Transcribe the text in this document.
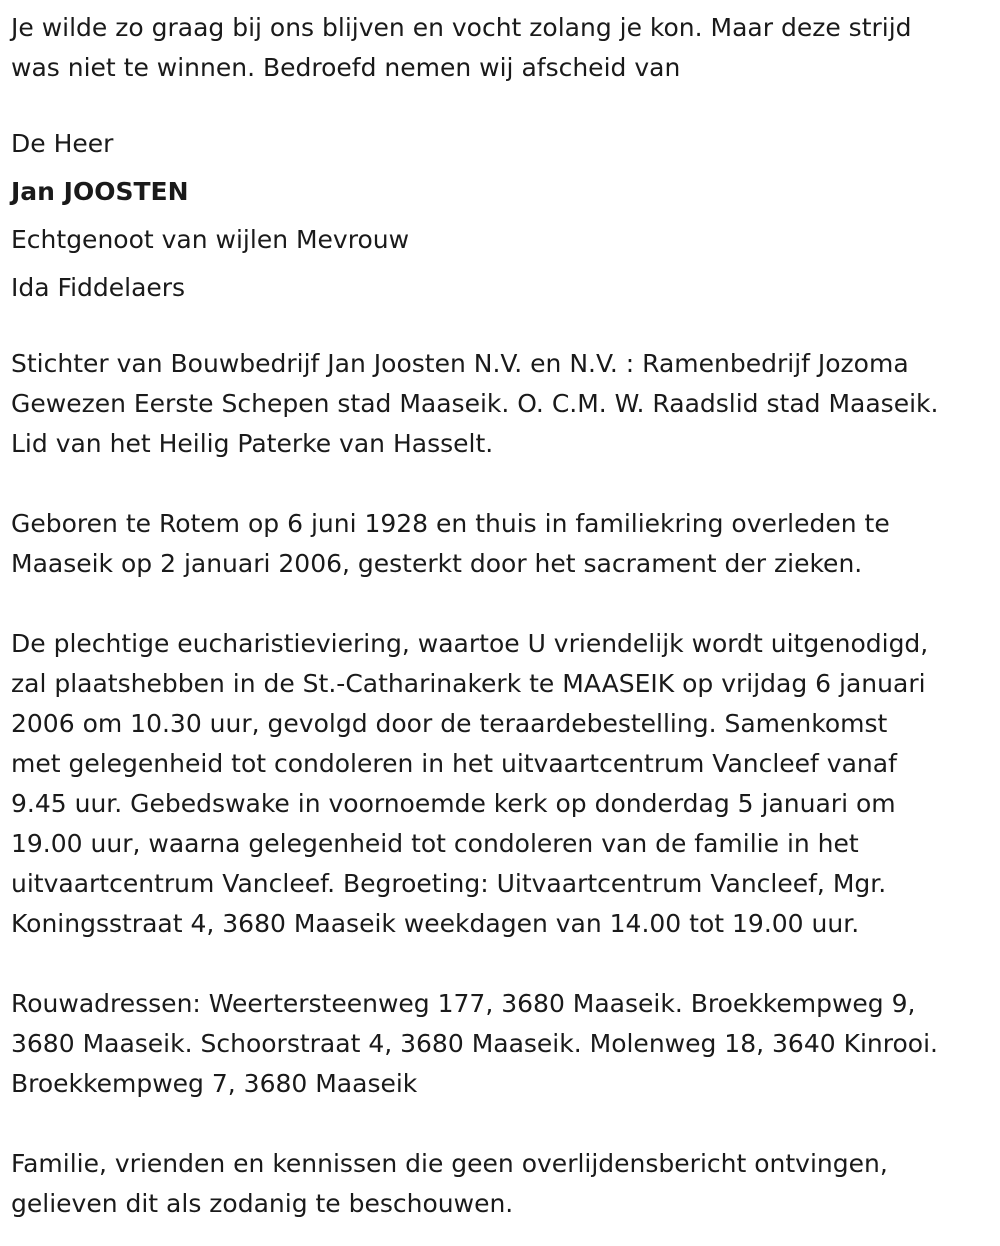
Je wilde zo graag bij ons blijven en vocht zolang je kon. Maar deze strijd
was niet te winnen. Bedroefd nemen wij afscheid van

De Heer

Jan JOOSTEN

Echtgenoot van wijlen Mevrouw

Ida Fiddelaers

Stichter van Bouwbedrijf Jan Joosten N.V. en N.V. : Ramenbedrijf Jozoma
Gewezen Eerste Schepen stad Maaseik. O. C.M. W. Raadslid stad Maaseik.
Lid van het Heilig Paterke van Hasselt.

Geboren te Rotem op 6 juni 1928 en thuis in familiekring overleden te
Maaseik op 2 januari 2006, gesterkt door het sacrament der zieken.

De plechtige eucharistieviering, waartoe U vriendelijk wordt uitgenodigd,
zal plaatshebben in de St.-Catharinakerk te MAASEIK op vrijdag 6 januari
2006 om 10.30 uur, gevolgd door de teraardebestelling. Samenkomst
met gelegenheid tot condoleren in het uitvaartcentrum Vancleef vanaf
9.45 uur. Gebedswake in voornoemde kerk op donderdag 5 januari om
19.00 uur, waarna gelegenheid tot condoleren van de familie in het
uitvaartcentrum Vancleef. Begroeting: Uitvaartcentrum Vancleef, Mgr.
Koningsstraat 4, 3680 Maaseik weekdagen van 14.00 tot 19.00 uur.

Rouwadressen: Weertersteenweg 177, 3680 Maaseik. Broekkempweg 9,
3680 Maaseik. Schoorstraat 4, 3680 Maaseik. Molenweg 18, 3640 Kinrooi.
Broekkempweg 7, 3680 Maaseik

Familie, vrienden en kennissen die geen overlijdensbericht ontvingen,
gelieven dit als zodanig te beschouwen.
